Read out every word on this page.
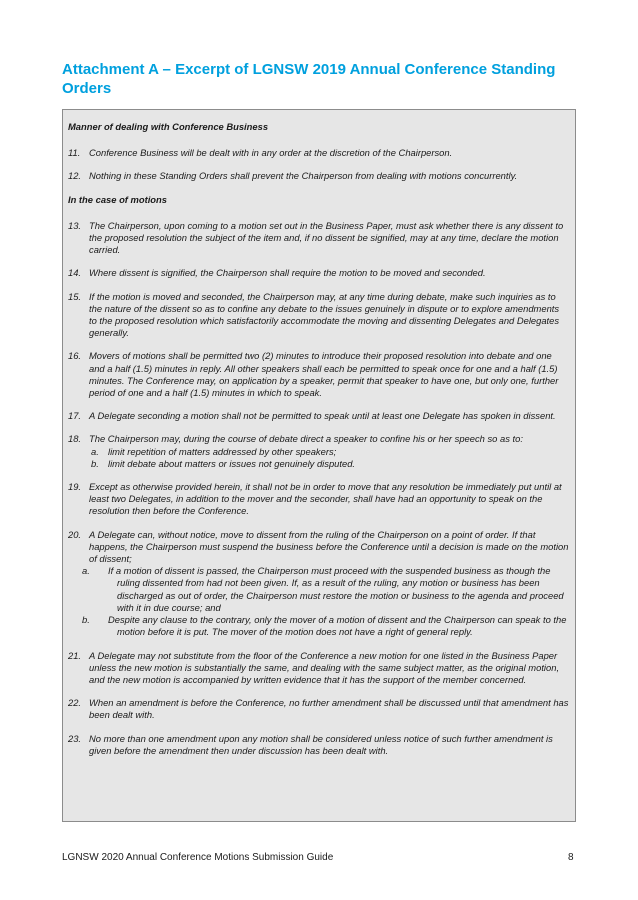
Attachment A – Excerpt of LGNSW 2019 Annual Conference Standing Orders

Manner of dealing with Conference Business

11. Conference Business will be dealt with in any order at the discretion of the Chairperson.
12. Nothing in these Standing Orders shall prevent the Chairperson from dealing with motions concurrently.

In the case of motions

13. The Chairperson, upon coming to a motion set out in the Business Paper, must ask whether there is any dissent to the proposed resolution the subject of the item and, if no dissent be signified, may at any time, declare the motion carried.
14. Where dissent is signified, the Chairperson shall require the motion to be moved and seconded.
15. If the motion is moved and seconded, the Chairperson may, at any time during debate, make such inquiries as to the nature of the dissent so as to confine any debate to the issues genuinely in dispute or to explore amendments to the proposed resolution which satisfactorily accommodate the moving and dissenting Delegates and Delegates generally.
16. Movers of motions shall be permitted two (2) minutes to introduce their proposed resolution into debate and one and a half (1.5) minutes in reply. All other speakers shall each be permitted to speak once for one and a half (1.5) minutes. The Conference may, on application by a speaker, permit that speaker to have one, but only one, further period of one and a half (1.5) minutes in which to speak.
17. A Delegate seconding a motion shall not be permitted to speak until at least one Delegate has spoken in dissent.
18. The Chairperson may, during the course of debate direct a speaker to confine his or her speech so as to:
a. limit repetition of matters addressed by other speakers;
b. limit debate about matters or issues not genuinely disputed.
19. Except as otherwise provided herein, it shall not be in order to move that any resolution be immediately put until at least two Delegates, in addition to the mover and the seconder, shall have had an opportunity to speak on the resolution then before the Conference.
20. A Delegate can, without notice, move to dissent from the ruling of the Chairperson on a point of order. If that happens, the Chairperson must suspend the business before the Conference until a decision is made on the motion of dissent;
a. If a motion of dissent is passed, the Chairperson must proceed with the suspended business as though the ruling dissented from had not been given. If, as a result of the ruling, any motion or business has been discharged as out of order, the Chairperson must restore the motion or business to the agenda and proceed with it in due course; and
b. Despite any clause to the contrary, only the mover of a motion of dissent and the Chairperson can speak to the motion before it is put. The mover of the motion does not have a right of general reply.
21. A Delegate may not substitute from the floor of the Conference a new motion for one listed in the Business Paper unless the new motion is substantially the same, and dealing with the same subject matter, as the original motion, and the new motion is accompanied by written evidence that it has the support of the member concerned.
22. When an amendment is before the Conference, no further amendment shall be discussed until that amendment has been dealt with.
23. No more than one amendment upon any motion shall be considered unless notice of such further amendment is given before the amendment then under discussion has been dealt with.
LGNSW 2020 Annual Conference Motions Submission Guide	8
